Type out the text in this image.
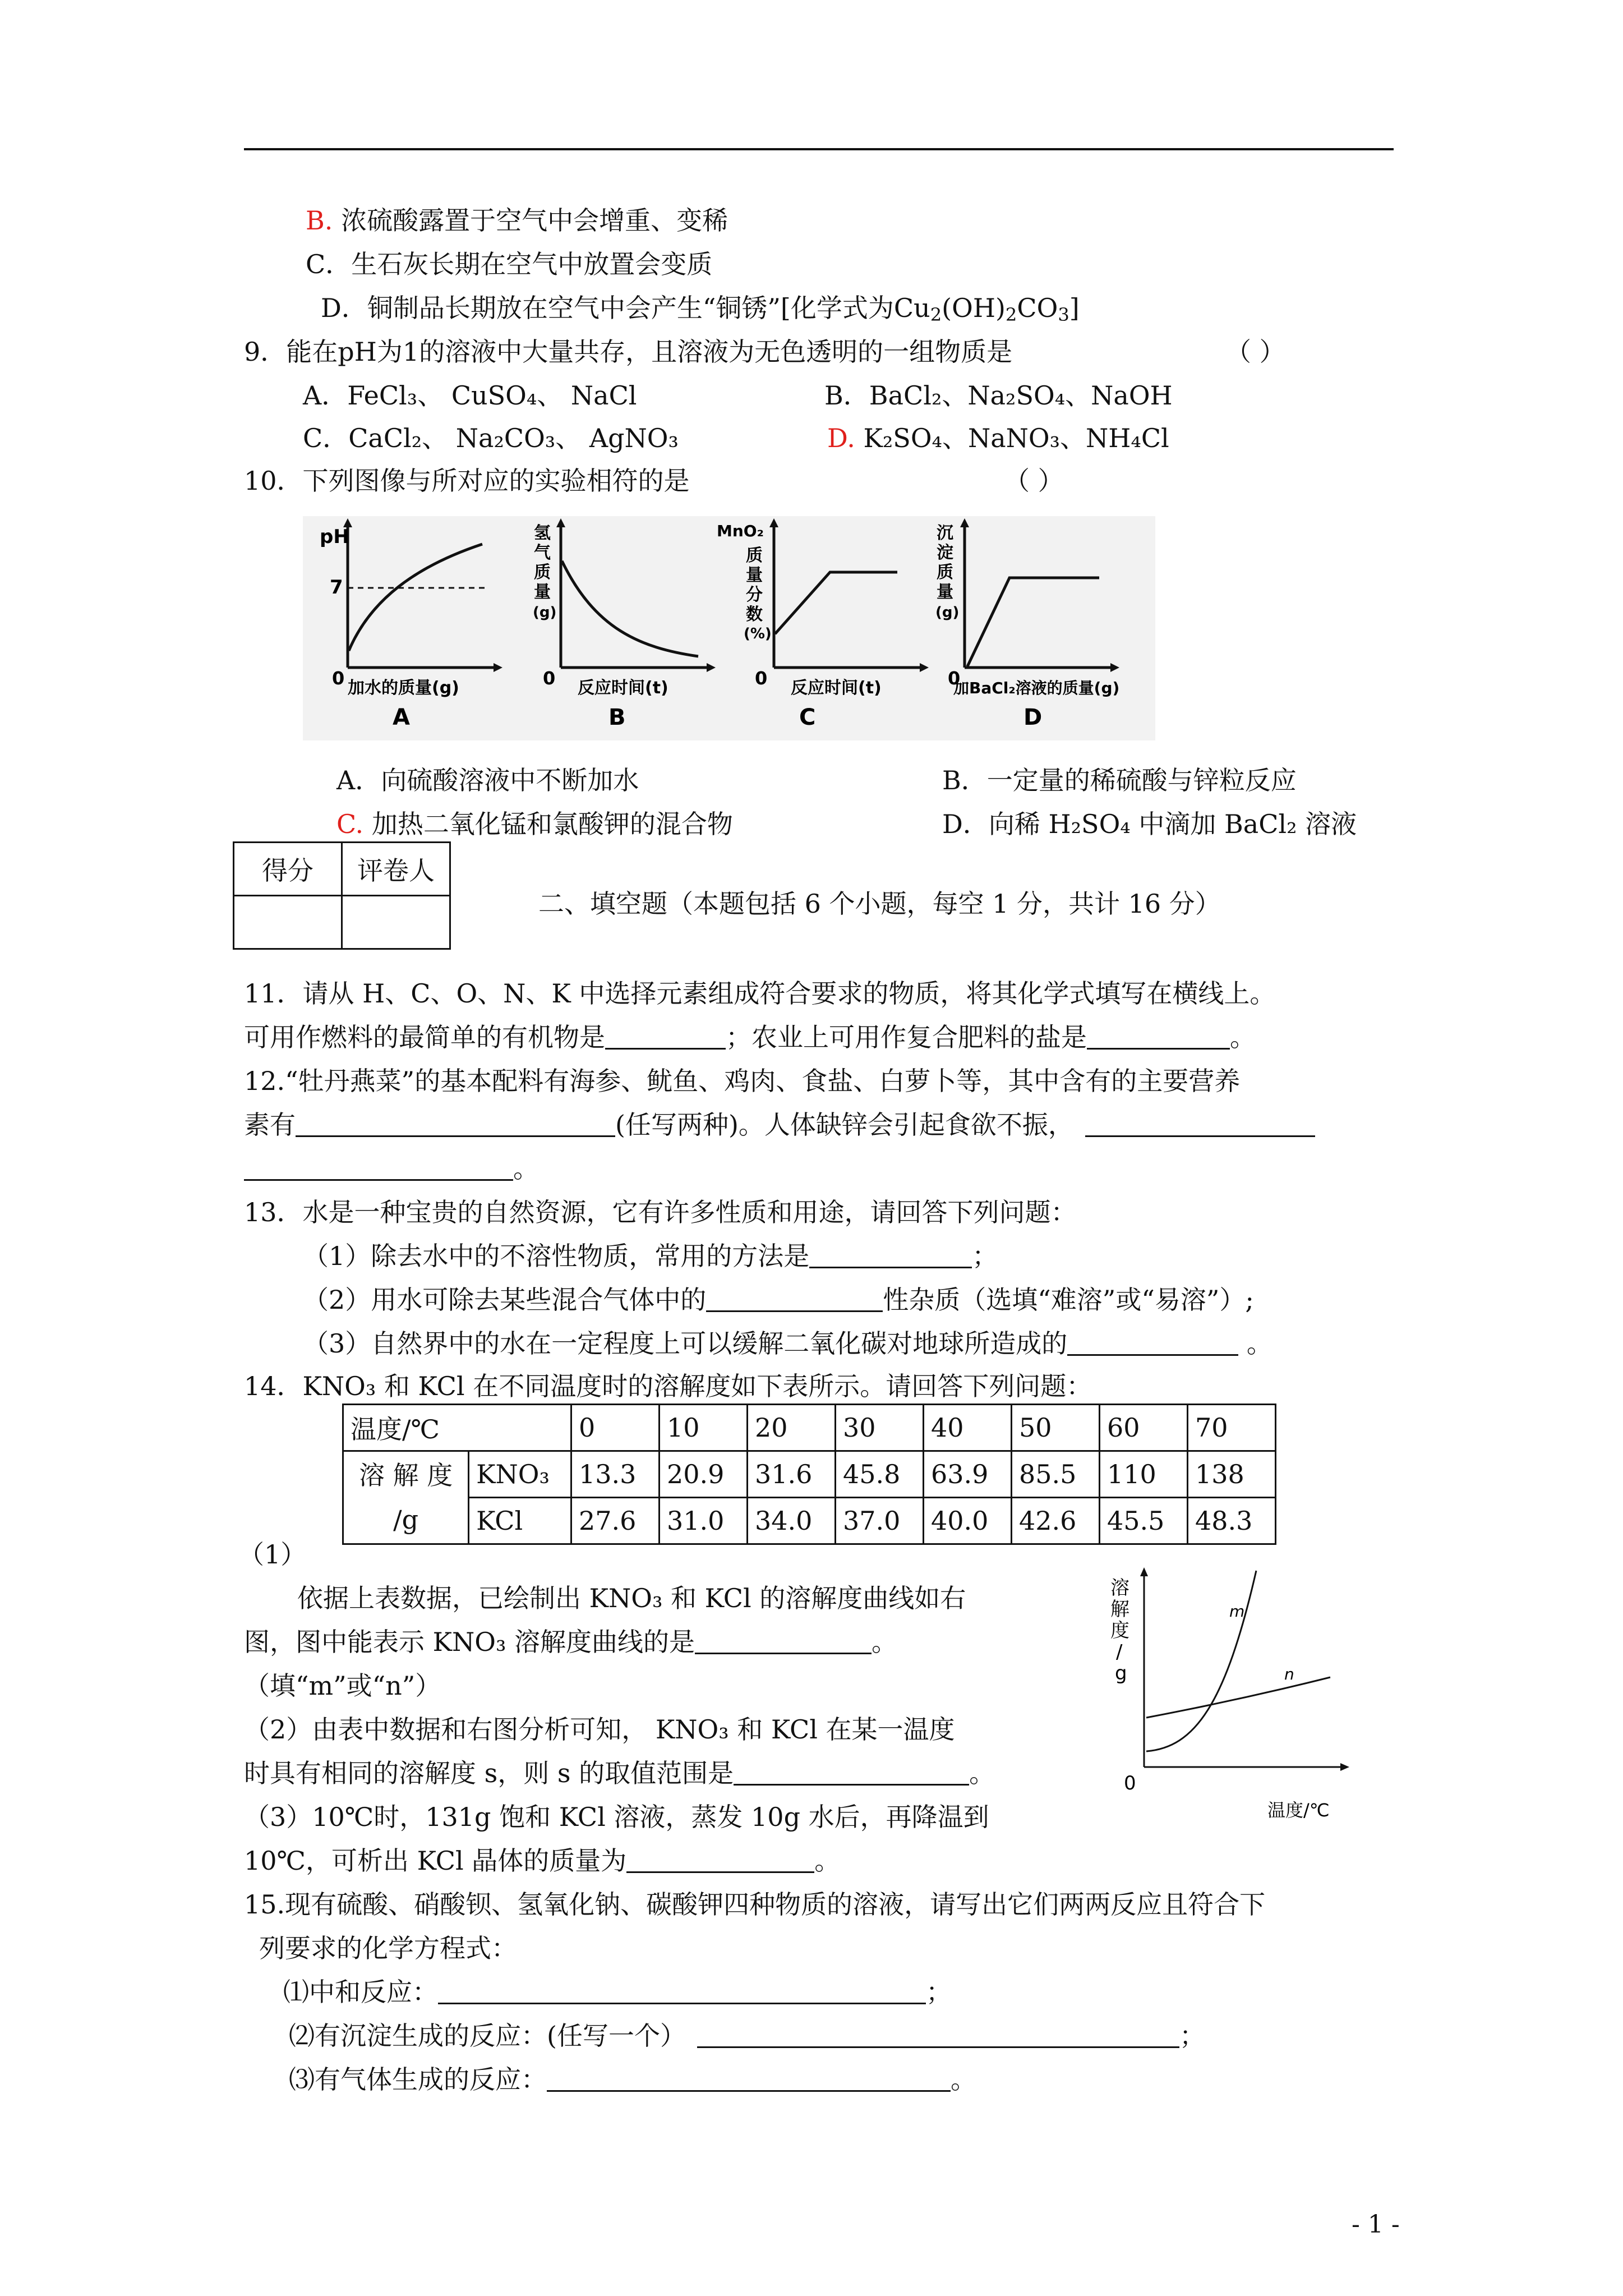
B. 浓硫酸露置于空气中会增重、变稀
C．生石灰长期在空气中放置会变质
D．铜制品长期放在空气中会产生“铜锈”[化学式为$Cu_2(OH)_2CO_3$]
9．能在pH为1的溶液中大量共存，且溶液为无色透明的一组物质是	（ ）
A．FeCl₃、 CuSO₄、 NaCl	B．BaCl₂、Na₂SO₄、NaOH
C．CaCl₂、 Na₂CO₃、 AgNO₃	D. K₂SO₄、NaNO₃、NH₄Cl
10．下列图像与所对应的实验相符的是	（ ）
pH
7
0 加水的质量(g)
A
氢
气
质
量
(g)
0 反应时间(t)
B
MnO₂
质
量
分
数
(%)
0 反应时间(t)
C
沉
淀
质
量
(g)
0
加BaCl₂溶液的质量(g)
D
A．向硫酸溶液中不断加水	B．一定量的稀硫酸与锌粒反应
C. 加热二氧化锰和氯酸钾的混合物	D．向稀 H₂SO₄ 中滴加 BaCl₂ 溶液
得分	评卷人

二、填空题（本题包括 6 个小题，每空 1 分，共计 16 分）
11．请从 H、C、O、N、K 中选择元素组成符合要求的物质，将其化学式填写在横线上。
可用作燃料的最简单的有机物是	；农业上可用作复合肥料的盐是	。
12.“牡丹燕菜”的基本配料有海参、鱿鱼、鸡肉、食盐、白萝卜等，其中含有的主要营养
素有	(任写两种)。人体缺锌会引起食欲不振，
。
13．水是一种宝贵的自然资源，它有许多性质和用途，请回答下列问题：
（1）除去水中的不溶性物质，常用的方法是	；
（2）用水可除去某些混合气体中的	性杂质（选填“难溶”或“易溶”）;
（3）自然界中的水在一定程度上可以缓解二氧化碳对地球所造成的	。
14．KNO₃ 和 KCl 在不同温度时的溶解度如下表所示。请回答下列问题：
温度/℃		0	10	20	30	40	50	60	70
溶 解 度
/g	KNO₃	13.3	20.9	31.6	45.8	63.9	85.5	110	138
	KCl	27.6	31.0	34.0	37.0	40.0	42.6	45.5	48.3
（1）
依据上表数据，已绘制出 KNO₃ 和 KCl 的溶解度曲线如右
图，图中能表示 KNO₃ 溶解度曲线的是	。
（填“m”或“n”）
（2）由表中数据和右图分析可知， KNO₃ 和 KCl 在某一温度
时具有相同的溶解度 s，则 s 的取值范围是	。
（3）10℃时，131g 饱和 KCl 溶液，蒸发 10g 水后，再降温到
10℃，可析出 KCl 晶体的质量为	。
溶
解
度
/
g
m
n
0
温度/℃
15.现有硫酸、硝酸钡、氢氧化钠、碳酸钾四种物质的溶液，请写出它们两两反应且符合下
列要求的化学方程式：
⑴中和反应：	；
⑵有沉淀生成的反应：(任写一个）	；
⑶有气体生成的反应：	。
- 1 -
